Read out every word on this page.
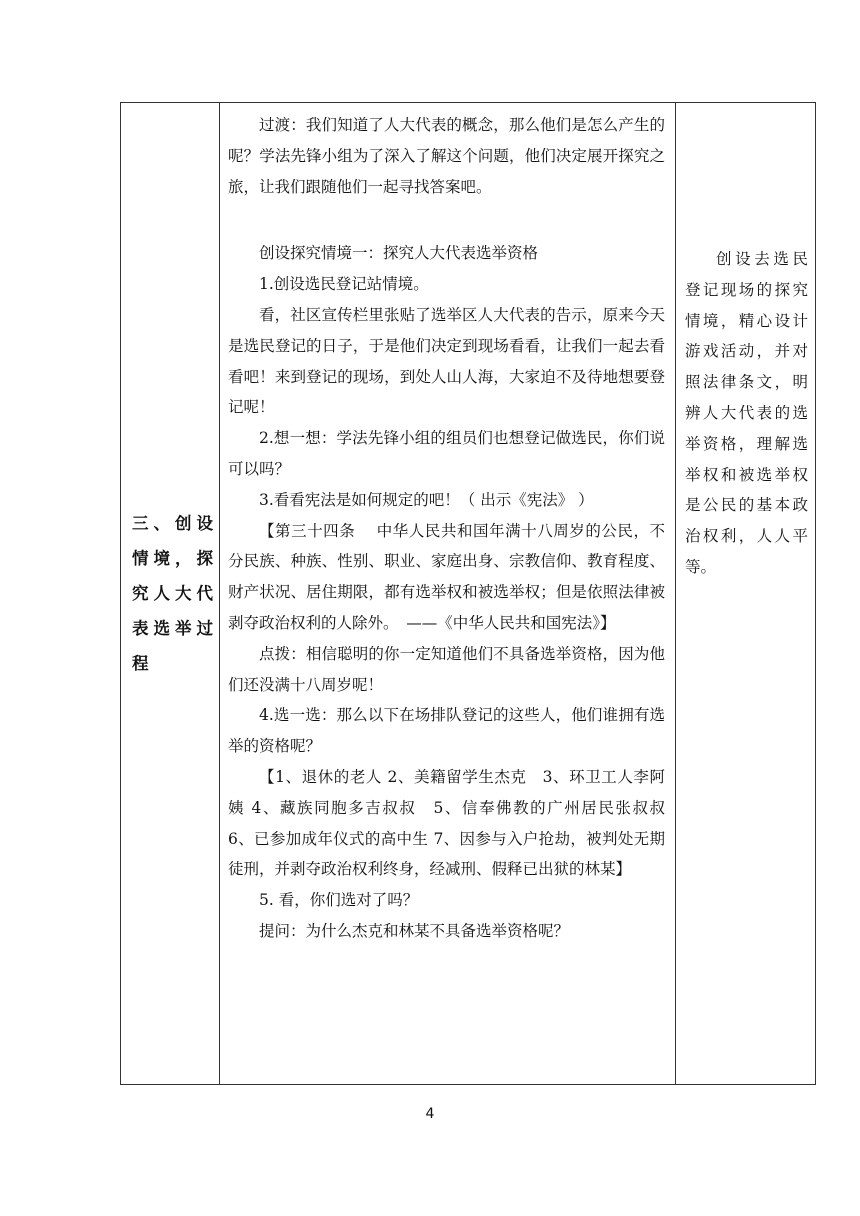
三、创设情境，探究人大代表选举过程

过渡：我们知道了人大代表的概念，那么他们是怎么产生的呢？学法先锋小组为了深入了解这个问题，他们决定展开探究之旅，让我们跟随他们一起寻找答案吧。

创设探究情境一：探究人大代表选举资格

1.创设选民登记站情境。

看，社区宣传栏里张贴了选举区人大代表的告示，原来今天是选民登记的日子，于是他们决定到现场看看，让我们一起去看看吧！来到登记的现场，到处人山人海，大家迫不及待地想要登记呢！

2.想一想：学法先锋小组的组员们也想登记做选民，你们说可以吗？

3.看看宪法是如何规定的吧！（ 出示《宪法》 ）

【第三十四条　 中华人民共和国年满十八周岁的公民，不分民族、种族、性别、职业、家庭出身、宗教信仰、教育程度、财产状况、居住期限，都有选举权和被选举权；但是依照法律被剥夺政治权利的人除外。　——《中华人民共和国宪法》】

点拨：相信聪明的你一定知道他们不具备选举资格，因为他们还没满十八周岁呢！

4.选一选：那么以下在场排队登记的这些人，他们谁拥有选举的资格呢？

【1、退休的老人 2、美籍留学生杰克　3、环卫工人李阿姨 4、藏族同胞多吉叔叔　5、信奉佛教的广州居民张叔叔　6、已参加成年仪式的高中生 7、因参与入户抢劫，被判处无期徒刑，并剥夺政治权利终身，经减刑、假释已出狱的林某】

5. 看，你们选对了吗？

提问：为什么杰克和林某不具备选举资格呢？

创设去选民登记现场的探究情境，精心设计游戏活动，并对照法律条文，明辨人大代表的选举资格，理解选举权和被选举权是公民的基本政治权利，人人平等。
4
